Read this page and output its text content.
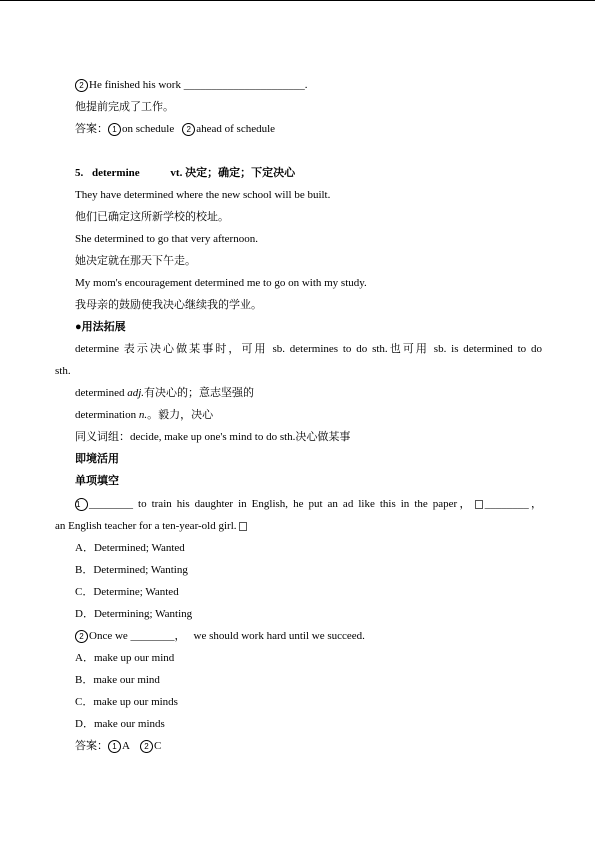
2 He finished his work ______________________.
他提前完成了工作。
答案： 1 on schedule 2 ahead of schedule
5. determine	vt. 决定；确定；下定决心
They have determined where the new school will be built.
他们已确定这所新学校的校址。
She determined to go that very afternoon.
她决定就在那天下午走。
My mom's encouragement determined me to go on with my study.
我母亲的鼓励使我决心继续我的学业。
●用法拓展
determine 表示决心做某事时，可用 sb. determines to do sth.也可用 sb. is determined to do
sth.
determined adj.有决心的；意志坚强的
determination n.。毅力，决心
同义词组：decide, make up one's mind to do sth.决心做某事
即境活用
单项填空
1 ________ to train his daughter in English, he put an ad like this in the paper， ________，
an English teacher for a ten-year-old girl.
A．Determined; Wanted
B．Determined; Wanting
C．Determine; Wanted
D．Determining; Wanting
2 Once we ________， we should work hard until we succeed.
A．make up our mind
B．make our mind
C．make up our minds
D．make our minds
答案： 1 A 2 C
